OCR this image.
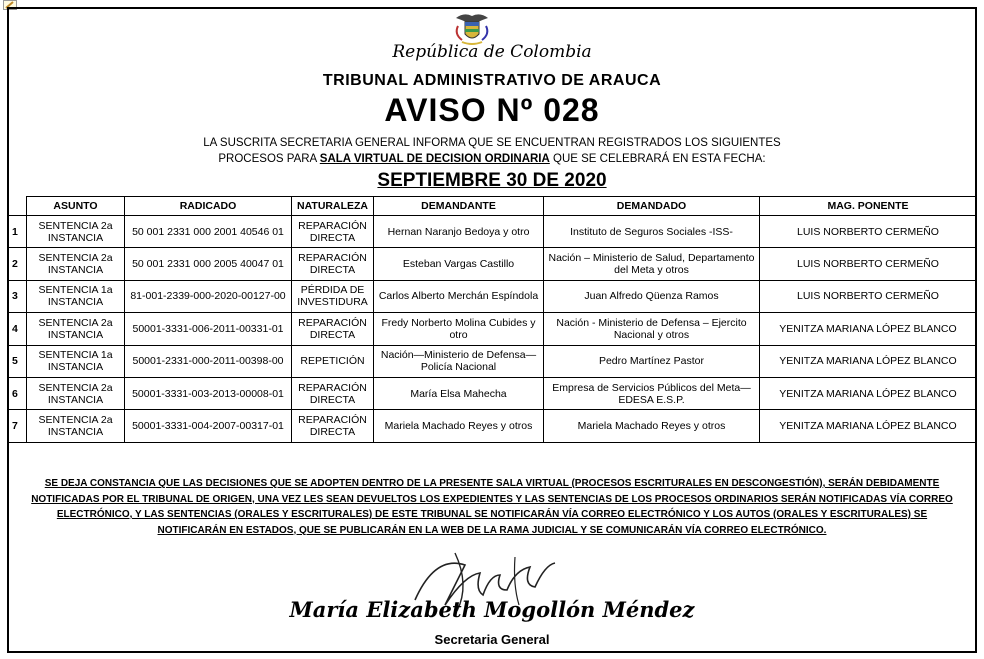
República de Colombia
TRIBUNAL ADMINISTRATIVO DE ARAUCA
AVISO Nº 028
LA SUSCRITA SECRETARIA GENERAL INFORMA QUE SE ENCUENTRAN REGISTRADOS LOS SIGUIENTES
PROCESOS PARA SALA VIRTUAL DE DECISION ORDINARIA QUE SE CELEBRARÁ EN ESTA FECHA:
SEPTIEMBRE 30 DE 2020
	ASUNTO	RADICADO	NATURALEZA	DEMANDANTE	DEMANDADO	MAG. PONENTE
1	SENTENCIA 2a INSTANCIA	50 001 2331 000 2001 40546 01	REPARACIÓN DIRECTA	Hernan Naranjo Bedoya y otro	Instituto de Seguros Sociales -ISS-	LUIS NORBERTO CERMEÑO
2	SENTENCIA 2a INSTANCIA	50 001 2331 000 2005 40047 01	REPARACIÓN DIRECTA	Esteban Vargas Castillo	Nación – Ministerio de Salud, Departamento del Meta y otros	LUIS NORBERTO CERMEÑO
3	SENTENCIA 1a INSTANCIA	81-001-2339-000-2020-00127-00	PÉRDIDA DE INVESTIDURA	Carlos Alberto Merchán Espíndola	Juan Alfredo Qüenza Ramos	LUIS NORBERTO CERMEÑO
4	SENTENCIA 2a INSTANCIA	50001-3331-006-2011-00331-01	REPARACIÓN DIRECTA	Fredy Norberto Molina Cubides y otro	Nación - Ministerio de Defensa – Ejercito Nacional y otros	YENITZA MARIANA LÓPEZ BLANCO
5	SENTENCIA 1a INSTANCIA	50001-2331-000-2011-00398-00	REPETICIÓN	Nación—Ministerio de Defensa—Policía Nacional	Pedro Martínez Pastor	YENITZA MARIANA LÓPEZ BLANCO
6	SENTENCIA 2a INSTANCIA	50001-3331-003-2013-00008-01	REPARACIÓN DIRECTA	María Elsa Mahecha	Empresa de Servicios Públicos del Meta—EDESA E.S.P.	YENITZA MARIANA LÓPEZ BLANCO
7	SENTENCIA 2a INSTANCIA	50001-3331-004-2007-00317-01	REPARACIÓN DIRECTA	Mariela Machado Reyes y otros	Mariela Machado Reyes y otros	YENITZA MARIANA LÓPEZ BLANCO
SE DEJA CONSTANCIA QUE LAS DECISIONES QUE SE ADOPTEN DENTRO DE LA PRESENTE SALA VIRTUAL (PROCESOS ESCRITURALES EN DESCONGESTIÓN), SERÁN DEBIDAMENTE
NOTIFICADAS POR EL TRIBUNAL DE ORIGEN, UNA VEZ LES SEAN DEVUELTOS LOS EXPEDIENTES Y LAS SENTENCIAS DE LOS PROCESOS ORDINARIOS SERÁN NOTIFICADAS VÍA CORREO
ELECTRÓNICO, Y LAS SENTENCIAS (ORALES Y ESCRITURALES) DE ESTE TRIBUNAL SE NOTIFICARÁN VÍA CORREO ELECTRÓNICO Y LOS AUTOS (ORALES Y ESCRITURALES) SE
NOTIFICARÁN EN ESTADOS, QUE SE PUBLICARÁN EN LA WEB DE LA RAMA JUDICIAL Y SE COMUNICARÁN VÍA CORREO ELECTRÓNICO.
María Elizabeth Mogollón Méndez
Secretaria General
